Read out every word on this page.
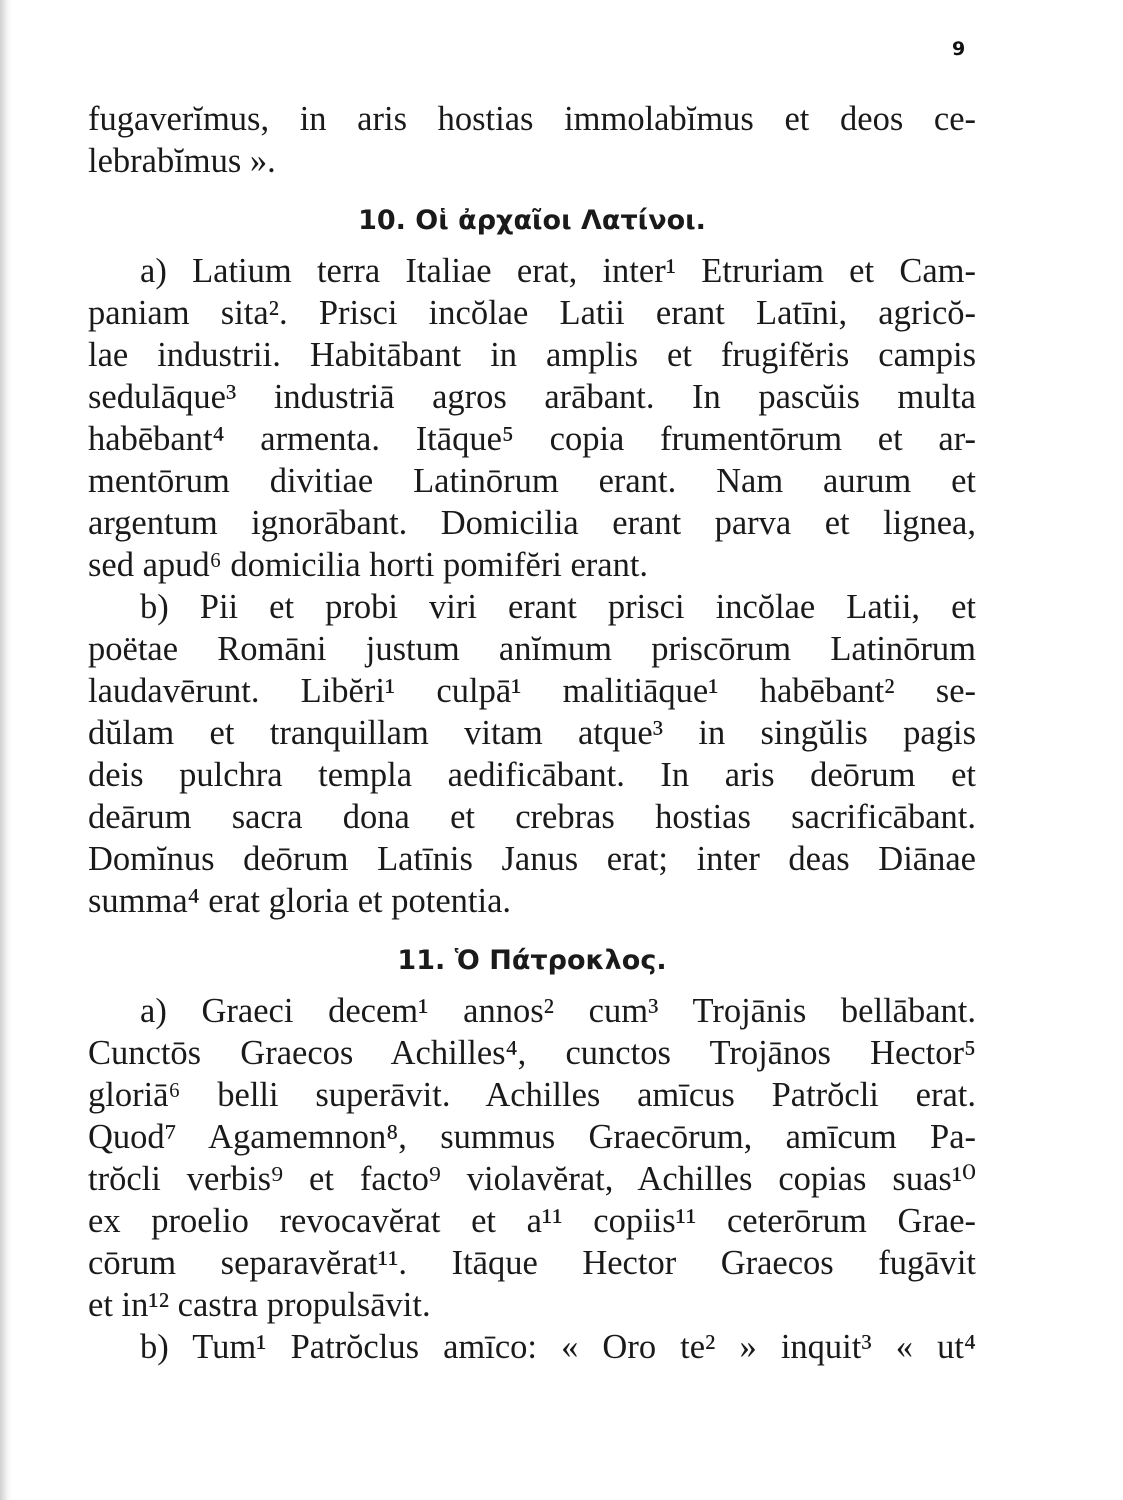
9
fugaverĭmus, in aris hostias immolabĭmus et deos ce-
lebrabĭmus ».
10. Οἱ ἀρχαῖοι Λατίνοι.
a) Latium terra Italiae erat, inter¹ Etruriam et Cam-
paniam sita². Prisci incŏlae Latii erant Latīni, agricŏ-
lae industrii. Habitābant in amplis et frugifĕris campis
sedulāque³ industriā agros arābant. In pascŭis multa
habēbant⁴ armenta. Itāque⁵ copia frumentōrum et ar-
mentōrum divitiae Latinōrum erant. Nam aurum et
argentum ignorābant. Domicilia erant parva et lignea,
sed apud⁶ domicilia horti pomifĕri erant.
b) Pii et probi viri erant prisci incŏlae Latii, et
poëtae Romāni justum anĭmum priscōrum Latinōrum
laudavērunt. Libĕri¹ culpā¹ malitiāque¹ habēbant² se-
dŭlam et tranquillam vitam atque³ in singŭlis pagis
deis pulchra templa aedificābant. In aris deōrum et
deārum sacra dona et crebras hostias sacrificābant.
Domĭnus deōrum Latīnis Janus erat; inter deas Diānae
summa⁴ erat gloria et potentia.
11. Ὁ Πάτροκλος.
a) Graeci decem¹ annos² cum³ Trojānis bellābant.
Cunctōs Graecos Achilles⁴, cunctos Trojānos Hector⁵
gloriā⁶ belli superāvit. Achilles amīcus Patrŏcli erat.
Quod⁷ Agamemnon⁸, summus Graecōrum, amīcum Pa-
trŏcli verbis⁹ et facto⁹ violavĕrat, Achilles copias suas¹⁰
ex proelio revocavĕrat et a¹¹ copiis¹¹ ceterōrum Grae-
cōrum separavĕrat¹¹. Itāque Hector Graecos fugāvit
et in¹² castra propulsāvit.
b) Tum¹ Patrŏclus amīco: « Oro te² » inquit³ « ut⁴
